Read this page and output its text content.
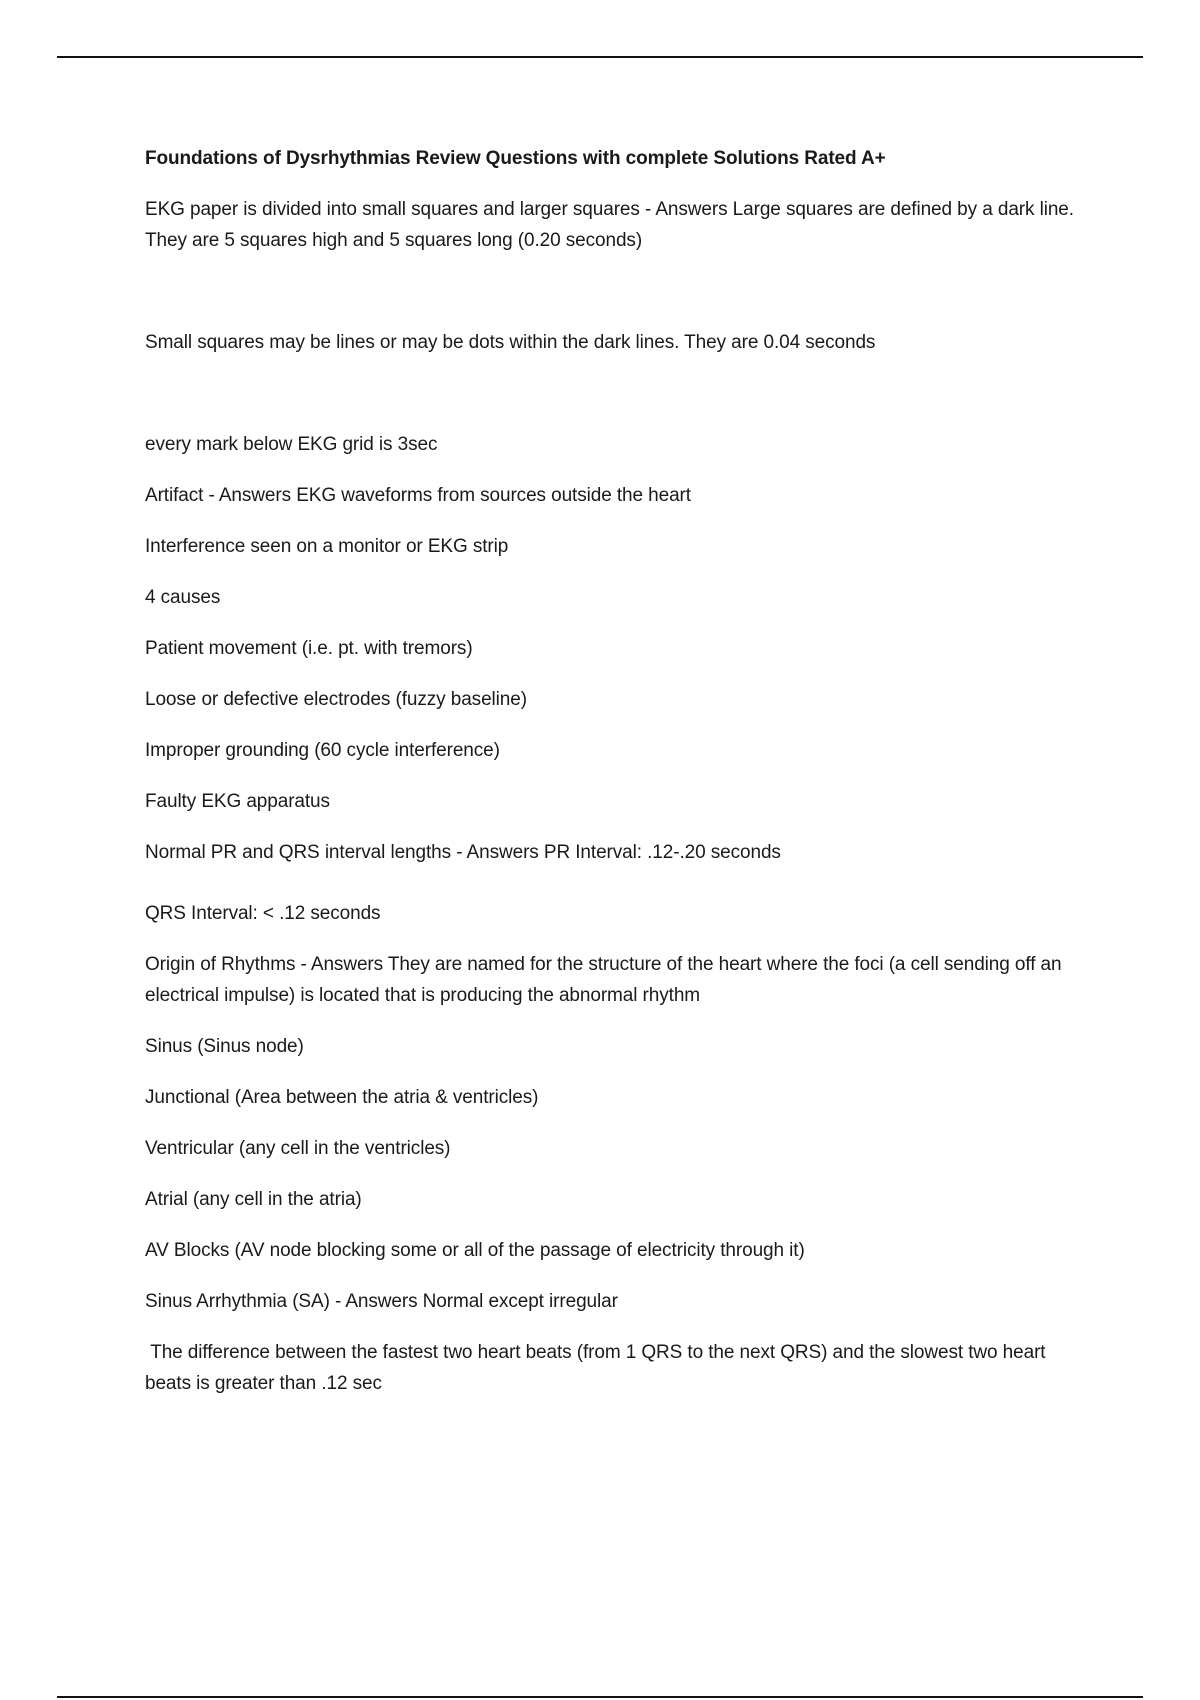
Foundations of Dysrhythmias Review Questions with complete Solutions Rated A+
EKG paper is divided into small squares and larger squares - Answers Large squares are defined by a dark line. They are 5 squares high and 5 squares long (0.20 seconds)
Small squares may be lines or may be dots within the dark lines. They are 0.04 seconds
every mark below EKG grid is 3sec
Artifact - Answers EKG waveforms from sources outside the heart
Interference seen on a monitor or EKG strip
4 causes
Patient movement (i.e. pt. with tremors)
Loose or defective electrodes (fuzzy baseline)
Improper grounding (60 cycle interference)
Faulty EKG apparatus
Normal PR and QRS interval lengths - Answers PR Interval: .12-.20 seconds
QRS Interval: < .12 seconds
Origin of Rhythms - Answers They are named for the structure of the heart where the foci (a cell sending off an electrical impulse) is located that is producing the abnormal rhythm
Sinus (Sinus node)
Junctional (Area between the atria & ventricles)
Ventricular (any cell in the ventricles)
Atrial (any cell in the atria)
AV Blocks (AV node blocking some or all of the passage of electricity through it)
Sinus Arrhythmia (SA) - Answers Normal except irregular
The difference between the fastest two heart beats (from 1 QRS to the next QRS) and the slowest two heart beats is greater than .12 sec
